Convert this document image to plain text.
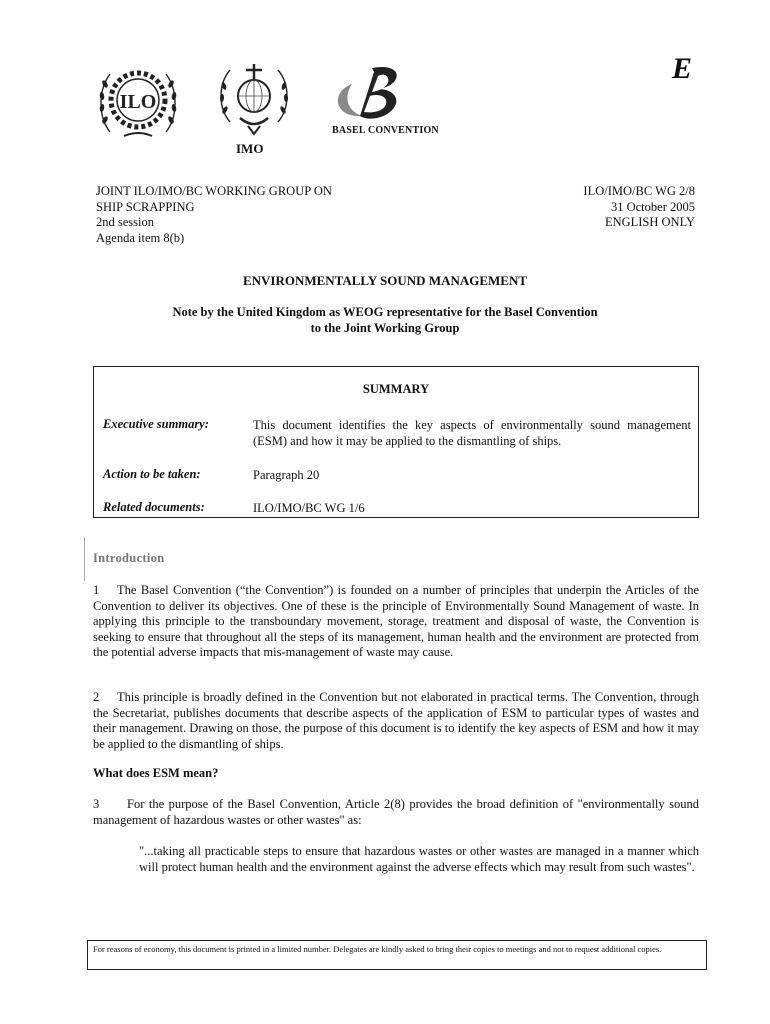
ILO
IMO
BASEL CONVENTION
E
JOINT ILO/IMO/BC WORKING GROUP ON
SHIP SCRAPPING
2nd session
Agenda item 8(b)
ILO/IMO/BC WG 2/8
31 October 2005
ENGLISH ONLY
ENVIRONMENTALLY SOUND MANAGEMENT
Note by the United Kingdom as WEOG representative for the Basel Convention
to the Joint Working Group
SUMMARY
Executive summary:	This document identifies the key aspects of environmentally sound management (ESM) and how it may be applied to the dismantling of ships.
Action to be taken:	Paragraph 20
Related documents:	ILO/IMO/BC WG 1/6
Introduction
1 The Basel Convention (“the Convention”) is founded on a number of principles that underpin the Articles of the Convention to deliver its objectives. One of these is the principle of Environmentally Sound Management of waste. In applying this principle to the transboundary movement, storage, treatment and disposal of waste, the Convention is seeking to ensure that throughout all the steps of its management, human health and the environment are protected from the potential adverse impacts that mis-management of waste may cause.
2 This principle is broadly defined in the Convention but not elaborated in practical terms. The Convention, through the Secretariat, publishes documents that describe aspects of the application of ESM to particular types of wastes and their management. Drawing on those, the purpose of this document is to identify the key aspects of ESM and how it may be applied to the dismantling of ships.
What does ESM mean?
3 For the purpose of the Basel Convention, Article 2(8) provides the broad definition of "environmentally sound management of hazardous wastes or other wastes" as:
"...taking all practicable steps to ensure that hazardous wastes or other wastes are managed in a manner which will protect human health and the environment against the adverse effects which may result from such wastes".
For reasons of economy, this document is printed in a limited number. Delegates are kindly asked to bring their copies to meetings and not to request additional copies.
